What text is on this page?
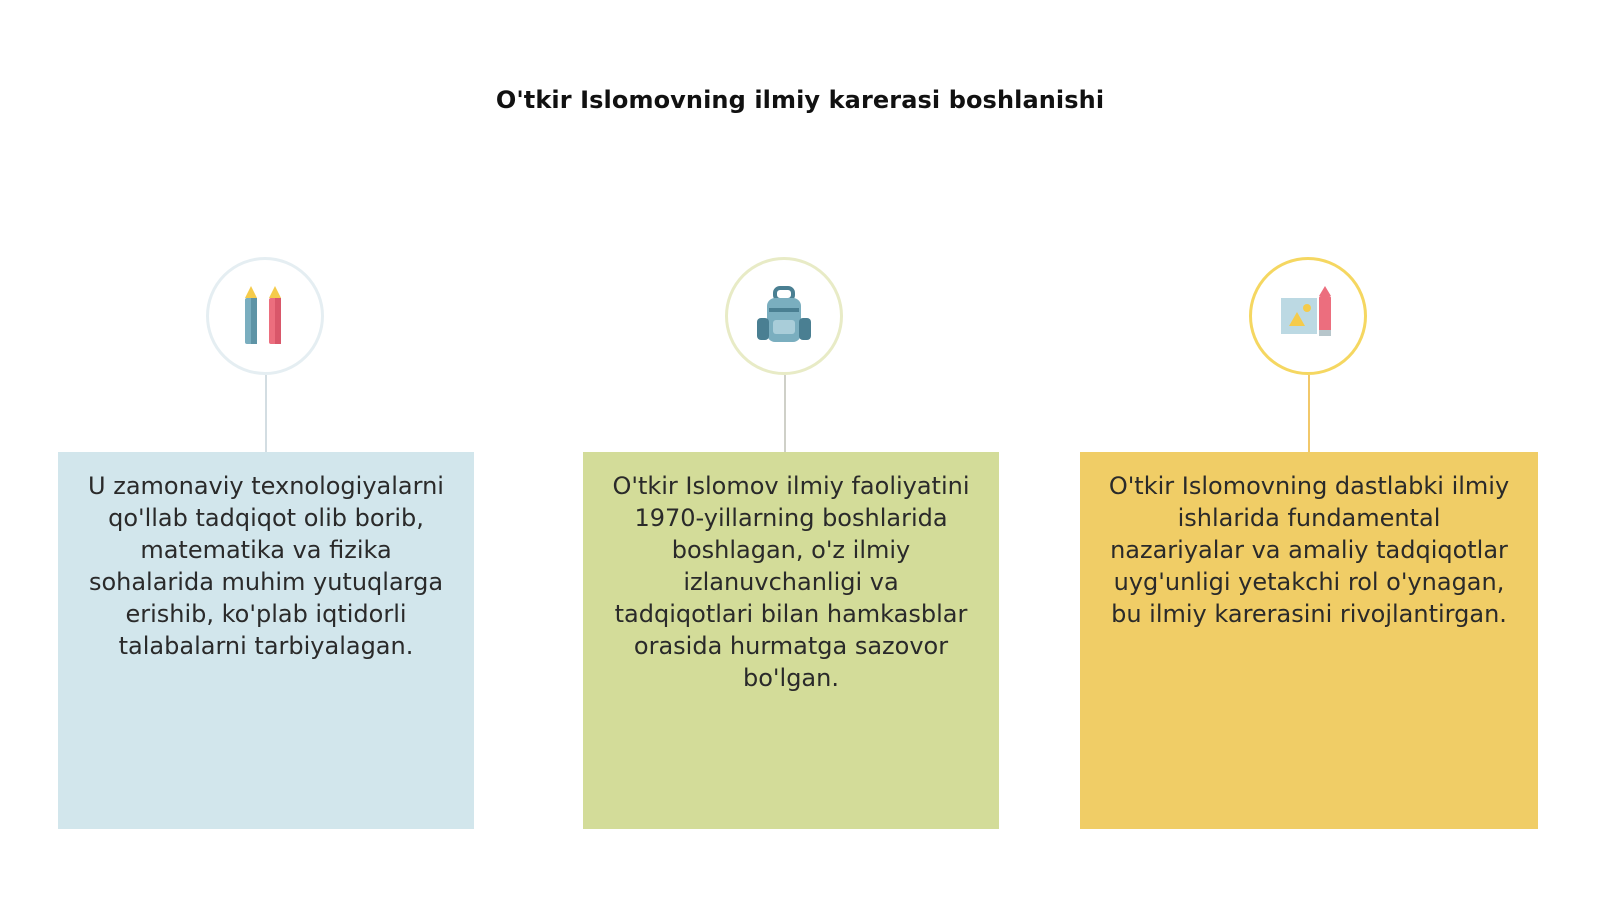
O'tkir Islomovning ilmiy karerasi boshlanishi
U zamonaviy texnologiyalarni qo'llab tadqiqot olib borib, matematika va fizika sohalarida muhim yutuqlarga erishib, ko'plab iqtidorli talabalarni tarbiyalagan.
O'tkir Islomov ilmiy faoliyatini 1970-yillarning boshlarida boshlagan, o'z ilmiy izlanuvchanligi va tadqiqotlari bilan hamkasblar orasida hurmatga sazovor bo'lgan.
O'tkir Islomovning dastlabki ilmiy ishlarida fundamental nazariyalar va amaliy tadqiqotlar uyg'unligi yetakchi rol o'ynagan, bu ilmiy karerasini rivojlantirgan.
